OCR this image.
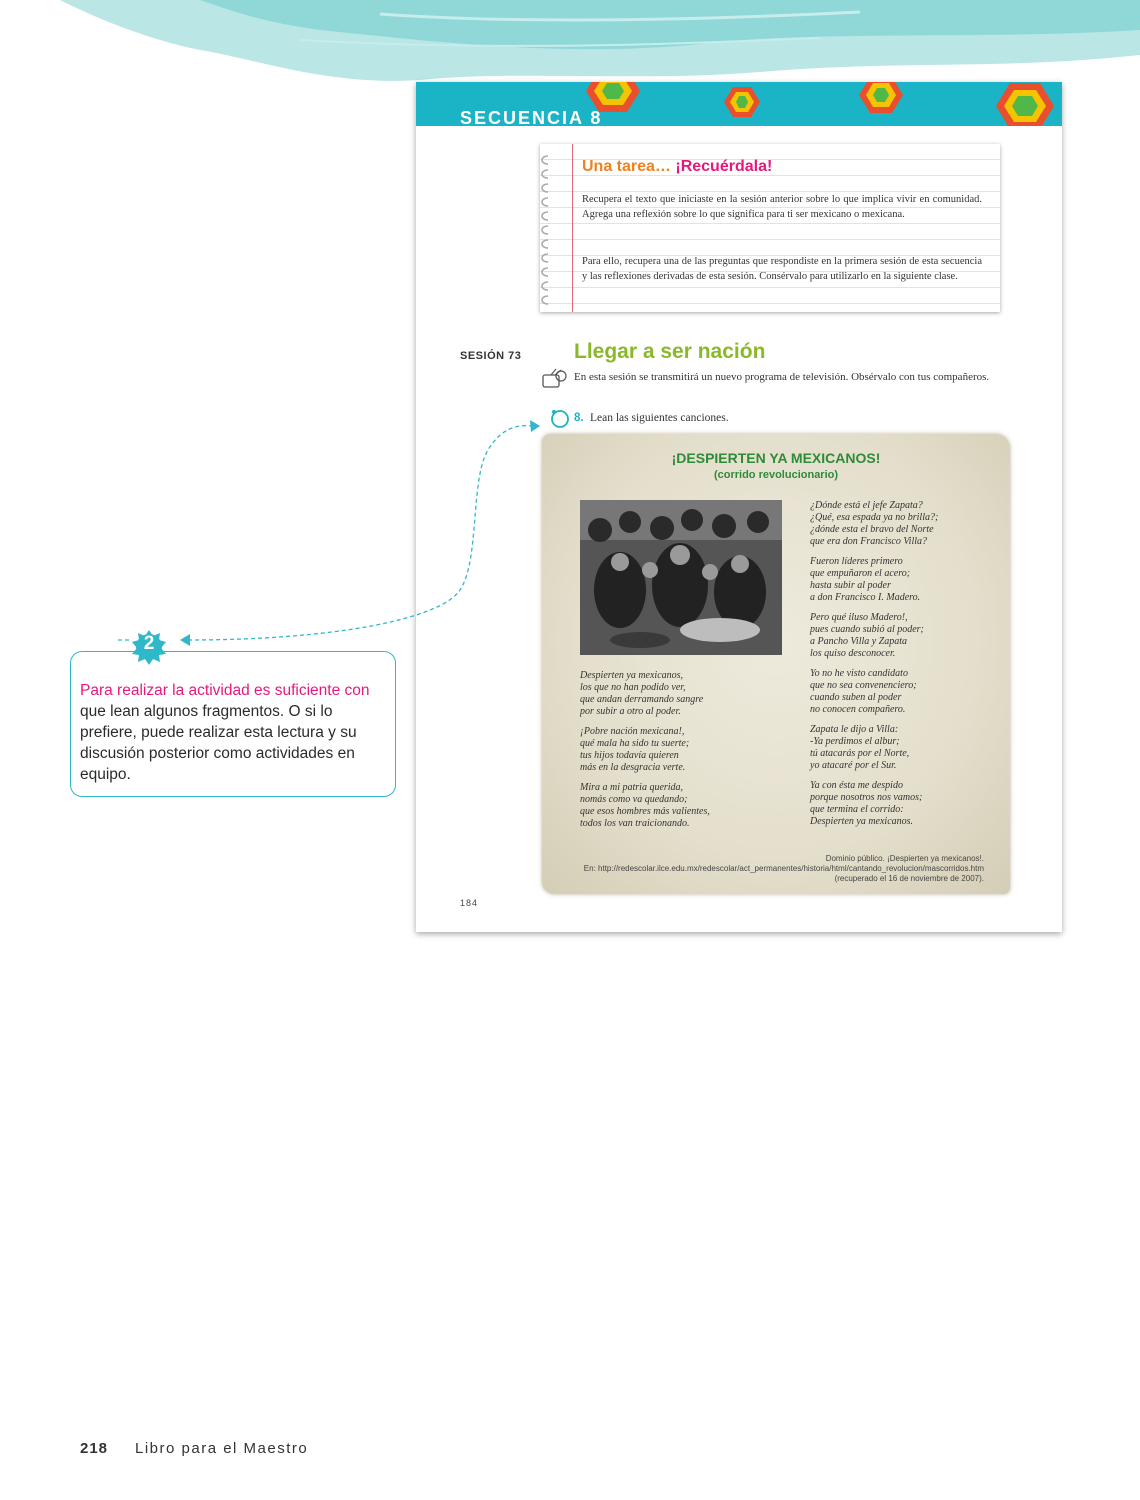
SECUENCIA 8
Una tarea… ¡Recuérdala!

Recupera el texto que iniciaste en la sesión anterior sobre lo que implica vivir en comunidad. Agrega una reflexión sobre lo que significa para ti ser mexicano o mexicana.

Para ello, recupera una de las preguntas que respondiste en la primera sesión de esta secuencia y las reflexiones derivadas de esta sesión. Consérvalo para utilizarlo en la siguiente clase.

SESIÓN 73	Llegar a ser nación

En esta sesión se transmitirá un nuevo programa de televisión. Obsérvalo con tus compañeros.

8. Lean las siguientes canciones.
¡DESPIERTEN YA MEXICANOS!
(corrido revolucionario)
Dominio público. ¡Despierten ya mexicanos!.
En: http://redescolar.ilce.edu.mx/redescolar/act_permanentes/historia/html/cantando_revolucion/mascorridos.htm
(recuperado el 16 de noviembre de 2007).

Despierten ya mexicanos,
los que no han podido ver,
que andan derramando sangre
por subir a otro al poder.

¡Pobre nación mexicana!,
qué mala ha sido tu suerte;
tus hijos todavía quieren
más en la desgracia verte.

Mira a mi patria querida,
nomás como va quedando;
que esos hombres más valientes,
todos los van traicionando.

¿Dónde está el jefe Zapata?
¿Qué, esa espada ya no brilla?;
¿dónde esta el bravo del Norte
que era don Francisco Villa?

Fueron líderes primero
que empuñaron el acero;
hasta subir al poder
a don Francisco I. Madero.

Pero qué iluso Madero!,
pues cuando subió al poder;
a Pancho Villa y Zapata
los quiso desconocer.

Yo no he visto candidato
que no sea convenenciero;
cuando suben al poder
no conocen compañero.

Zapata le dijo a Villa:
-Ya perdimos el albur;
tú atacarás por el Norte,
yo atacaré por el Sur.

Ya con ésta me despido
porque nosotros nos vamos;
que termina el corrido:
Despierten ya mexicanos.

184

Para realizar la actividad es suficiente con que lean algunos fragmentos. O si lo prefiere, puede realizar esta lectura y su discusión posterior como actividades en equipo.

2
218 Libro para el Maestro
